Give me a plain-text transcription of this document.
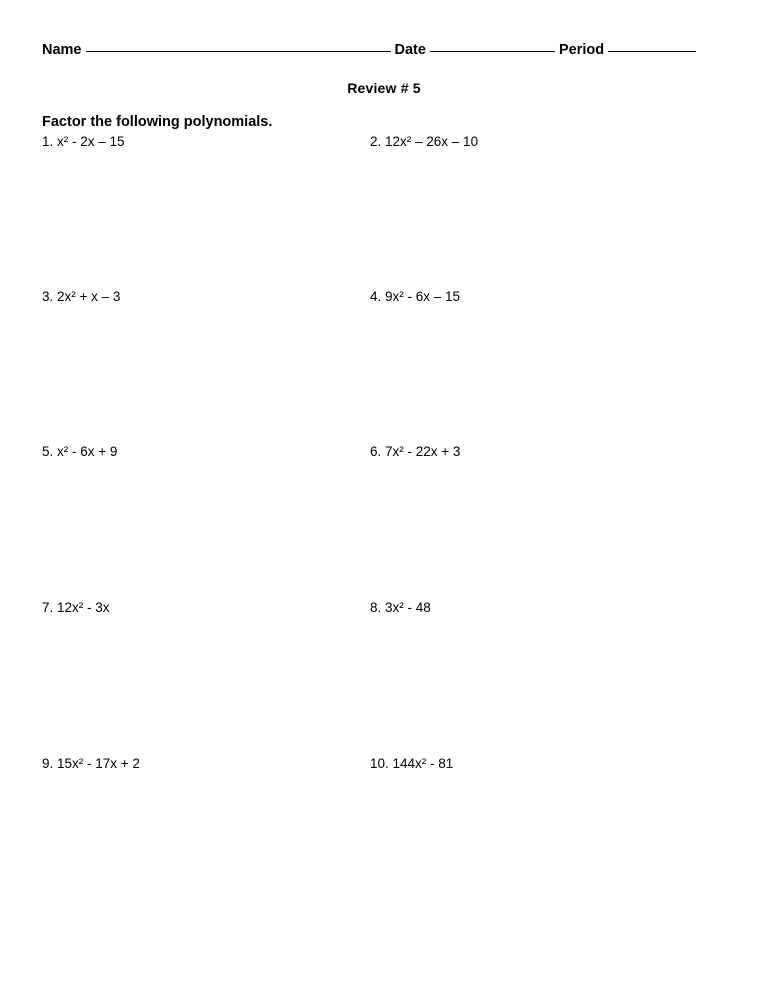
Name	Date	Period
Review # 5
Factor the following polynomials.
1. x² - 2x – 15	2. 12x² – 26x – 10
3. 2x² + x – 3	4. 9x² - 6x – 15
5. x² - 6x + 9	6. 7x² - 22x + 3
7. 12x² - 3x	8. 3x² - 48
9. 15x² - 17x + 2	10. 144x² - 81
